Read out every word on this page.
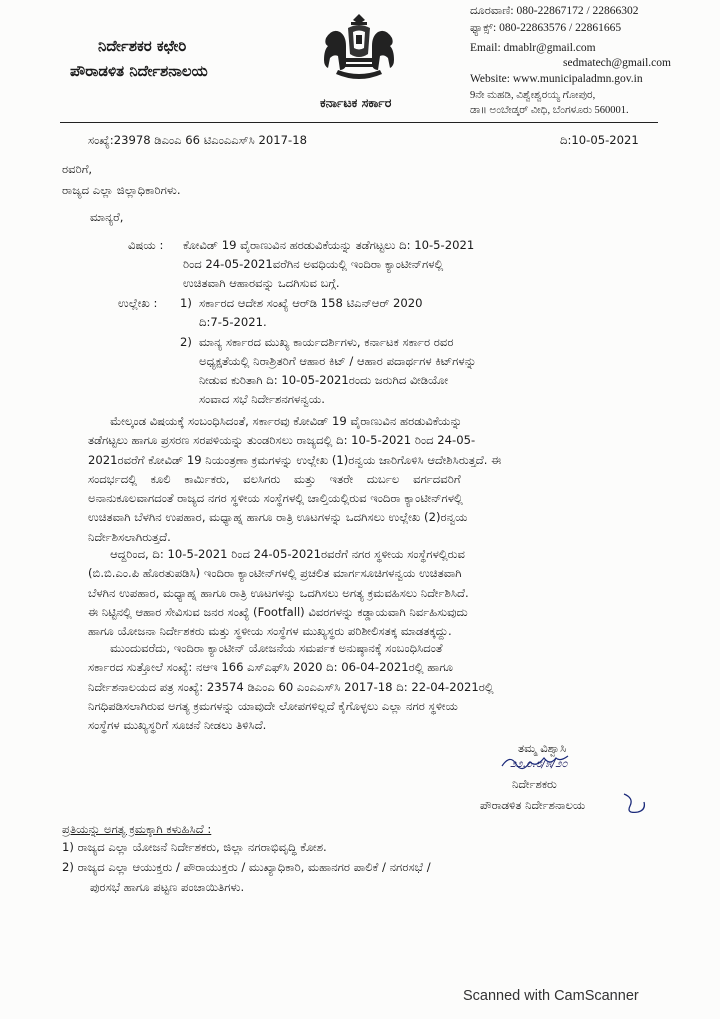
ನಿರ್ದೇಶಕರ ಕಛೇರಿ
ಪೌರಾಡಳಿತ ನಿರ್ದೇಶನಾಲಯ
ಕರ್ನಾಟಕ ಸರ್ಕಾರ
ದೂರವಾಣಿ: 080-22867172 / 22866302
ಫ್ಯಾಕ್ಸ್: 080-22863576 / 22861665
Email: dmablr@gmail.com
sedmatech@gmail.com
Website: www.municipaladmn.gov.in
9ನೇ ಮಹಡಿ, ವಿಶ್ವೇಶ್ವರಯ್ಯ ಗೋಪುರ,
ಡಾ॥ ಅಂಬೇಡ್ಕರ್ ವೀಧಿ, ಬೆಂಗಳೂರು 560001.
ಸಂಖ್ಯೆ:23978 ಡಿಎಂಎ 66 ಟಿಎಂಎಎಸ್‌ಸಿ 2017-18	ದಿ:10-05-2021
ರವರಿಗೆ,
ರಾಜ್ಯದ ಎಲ್ಲಾ ಜಿಲ್ಲಾಧಿಕಾರಿಗಳು.
ಮಾನ್ಯರೆ,
ವಿಷಯ : ಕೋವಿಡ್ 19 ವೈರಾಣುವಿನ ಹರಡುವಿಕೆಯನ್ನು ತಡೆಗಟ್ಟಲು ದಿ: 10-5-2021
ರಿಂದ 24-05-2021ವರೆಗಿನ ಅವಧಿಯಲ್ಲಿ ಇಂದಿರಾ ಕ್ಯಾಂಟೀನ್‌ಗಳಲ್ಲಿ
ಉಚಿತವಾಗಿ ಆಹಾರವನ್ನು ಒದಗಿಸುವ ಬಗ್ಗೆ.
ಉಲ್ಲೇಖ : 1) ಸರ್ಕಾರದ ಆದೇಶ ಸಂಖ್ಯೆ ಆರ್‌ಡಿ 158 ಟಿಎನ್‌ಆರ್ 2020
ದಿ:7-5-2021.
2) ಮಾನ್ಯ ಸರ್ಕಾರದ ಮುಖ್ಯ ಕಾರ್ಯದರ್ಶಿಗಳು, ಕರ್ನಾಟಕ ಸರ್ಕಾರ ರವರ
ಅಧ್ಯಕ್ಷತೆಯಲ್ಲಿ ನಿರಾಶ್ರಿತರಿಗೆ ಆಹಾರ ಕಿಟ್ / ಆಹಾರ ಪದಾರ್ಥಗಳ ಕಿಟ್‌ಗಳನ್ನು
ನೀಡುವ ಕುರಿತಾಗಿ ದಿ: 10-05-2021ರಂದು ಜರುಗಿದ ವೀಡಿಯೋ
ಸಂವಾದ ಸಭೆ ನಿರ್ದೇಶನಗಳನ್ವಯ.
ಮೇಲ್ಕಂಡ ವಿಷಯಕ್ಕೆ ಸಂಬಂಧಿಸಿದಂತೆ, ಸರ್ಕಾರವು ಕೋವಿಡ್ 19 ವೈರಾಣುವಿನ ಹರಡುವಿಕೆಯನ್ನು
ತಡೆಗಟ್ಟಲು ಹಾಗೂ ಪ್ರಸರಣ ಸರಪಳಿಯನ್ನು ತುಂಡರಿಸಲು ರಾಜ್ಯದಲ್ಲಿ ದಿ: 10-5-2021 ರಿಂದ 24-05-
2021ರವರೆಗೆ ಕೋವಿಡ್ 19 ನಿಯಂತ್ರಣಾ ಕ್ರಮಗಳನ್ನು ಉಲ್ಲೇಖ (1)ರನ್ವಯ ಜಾರಿಗೊಳಿಸಿ ಆದೇಶಿಸಿರುತ್ತದೆ. ಈ
ಸಂದರ್ಭದಲ್ಲಿ ಕೂಲಿ ಕಾರ್ಮಿಕರು, ವಲಸಿಗರು ಮತ್ತು ಇತರೇ ದುರ್ಬಲ ವರ್ಗದವರಿಗೆ
ಅನಾನುಕೂಲವಾಗದಂತೆ ರಾಜ್ಯದ ನಗರ ಸ್ಥಳೀಯ ಸಂಸ್ಥೆಗಳಲ್ಲಿ ಚಾಲ್ತಿಯಲ್ಲಿರುವ ಇಂದಿರಾ ಕ್ಯಾಂಟೀನ್‌ಗಳಲ್ಲಿ
ಉಚಿತವಾಗಿ ಬೆಳಗಿನ ಉಪಹಾರ, ಮಧ್ಯಾಹ್ನ ಹಾಗೂ ರಾತ್ರಿ ಊಟಗಳನ್ನು ಒದಗಿಸಲು ಉಲ್ಲೇಖ (2)ರನ್ವಯ
ನಿರ್ದೇಶಿಸಲಾಗಿರುತ್ತದೆ.
ಆದ್ದರಿಂದ, ದಿ: 10-5-2021 ರಿಂದ 24-05-2021ರವರೆಗೆ ನಗರ ಸ್ಥಳೀಯ ಸಂಸ್ಥೆಗಳಲ್ಲಿರುವ
(ಬಿ.ಬಿ.ಎಂ.ಪಿ ಹೊರತುಪಡಿಸಿ) ಇಂದಿರಾ ಕ್ಯಾಂಟೀನ್‌ಗಳಲ್ಲಿ ಪ್ರಚಲಿತ ಮಾರ್ಗಸೂಚಿಗಳನ್ವಯ ಉಚಿತವಾಗಿ
ಬೆಳಗಿನ ಉಪಹಾರ, ಮಧ್ಯಾಹ್ನ ಹಾಗೂ ರಾತ್ರಿ ಊಟಗಳನ್ನು ಒದಗಿಸಲು ಅಗತ್ಯ ಕ್ರಮವಹಿಸಲು ನಿರ್ದೇಶಿಸಿದೆ.
ಈ ನಿಟ್ಟಿನಲ್ಲಿ ಆಹಾರ ಸೇವಿಸುವ ಜನರ ಸಂಖ್ಯೆ (Footfall) ವಿವರಗಳನ್ನು ಕಡ್ಡಾಯವಾಗಿ ನಿರ್ವಹಿಸುವುದು
ಹಾಗೂ ಯೋಜನಾ ನಿರ್ದೇಶಕರು ಮತ್ತು ಸ್ಥಳೀಯ ಸಂಸ್ಥೆಗಳ ಮುಖ್ಯಸ್ಥರು ಪರಿಶೀಲಿಸತಕ್ಕ ಮಾಡತಕ್ಕದ್ದು.
ಮುಂದುವರೆದು, ಇಂದಿರಾ ಕ್ಯಾಂಟೀನ್ ಯೋಜನೆಯ ಸಮರ್ಪಕ ಅನುಷ್ಠಾನಕ್ಕೆ ಸಂಬಂಧಿಸಿದಂತೆ
ಸರ್ಕಾರದ ಸುತ್ತೋಲೆ ಸಂಖ್ಯೆ: ನಆಇ 166 ಎಸ್‌ಎಫ್‌ಸಿ 2020 ದಿ: 06-04-2021ರಲ್ಲಿ ಹಾಗೂ
ನಿರ್ದೇಶನಾಲಯದ ಪತ್ರ ಸಂಖ್ಯೆ: 23574 ಡಿಎಂಎ 60 ಎಂಎಎಸ್‌ಸಿ 2017-18 ದಿ: 22-04-2021ರಲ್ಲಿ
ನಿಗಧಿಪಡಿಸಲಾಗಿರುವ ಅಗತ್ಯ ಕ್ರಮಗಳನ್ನು ಯಾವುದೇ ಲೋಪಗಳಿಲ್ಲದೆ ಕೈಗೊಳ್ಳಲು ಎಲ್ಲಾ ನಗರ ಸ್ಥಳೀಯ
ಸಂಸ್ಥೆಗಳ ಮುಖ್ಯಸ್ಥರಿಗೆ ಸೂಚನೆ ನೀಡಲು ತಿಳಿಸಿದೆ.
ತಮ್ಮ ವಿಶ್ವಾಸಿ
೨೨.೦.೮/೫/೨೦
ನಿರ್ದೇಶಕರು
ಪೌರಾಡಳಿತ ನಿರ್ದೇಶನಾಲಯ
ಪ್ರತಿಯನ್ನು ಅಗತ್ಯ ಕ್ರಮಕ್ಕಾಗಿ ಕಳುಹಿಸಿದೆ :
1) ರಾಜ್ಯದ ಎಲ್ಲಾ ಯೋಜನೆ ನಿರ್ದೇಶಕರು, ಜಿಲ್ಲಾ ನಗರಾಭಿವೃದ್ಧಿ ಕೋಶ.
2) ರಾಜ್ಯದ ಎಲ್ಲಾ ಆಯುಕ್ತರು / ಪೌರಾಯುಕ್ತರು / ಮುಖ್ಯಾಧಿಕಾರಿ, ಮಹಾನಗರ ಪಾಲಿಕೆ / ನಗರಸಭೆ /
ಪುರಸಭೆ ಹಾಗೂ ಪಟ್ಟಣ ಪಂಚಾಯಿತಿಗಳು.
Scanned with CamScanner
